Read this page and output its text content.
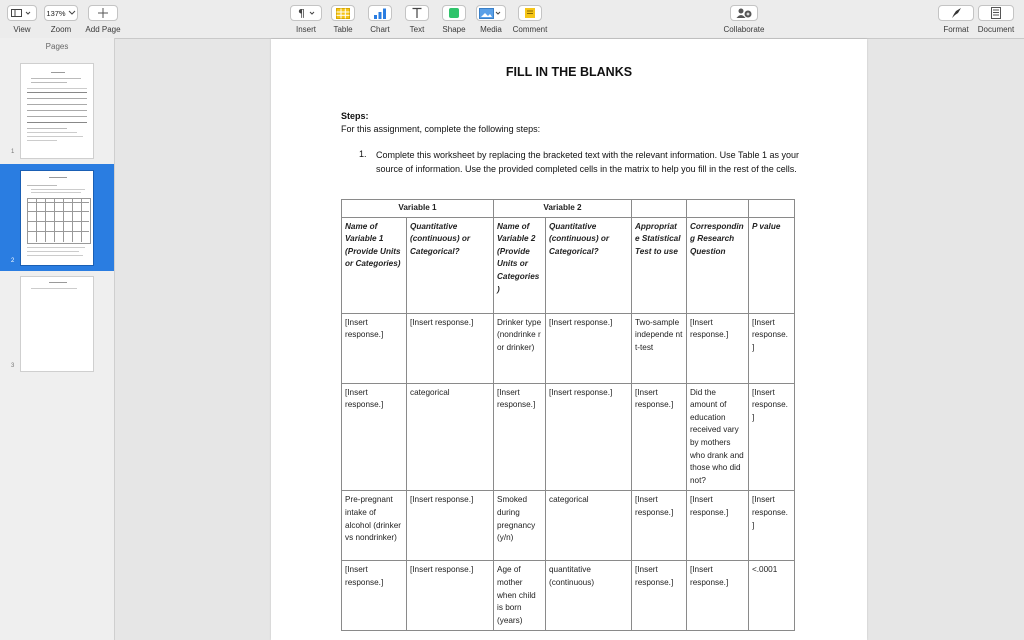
View
137%
Zoom Add Page
¶
Insert Table Chart Text Shape Media Comment	Collaborate	Format Document
Pages
1
2
3
FILL IN THE BLANKS
Steps:
For this assignment, complete the following steps:
1. Complete this worksheet by replacing the bracketed text with the relevant information. Use Table 1 as your source of information. Use the provided completed cells in the matrix to help you fill in the rest of the cells.
Variable 1		Variable 2				
Name of Variable 1 (Provide Units or Categories)	Quantitative (continuous) or Categorical?	Name of Variable 2 (Provide Units or Categories )	Quantitative (continuous) or Categorical?	Appropriat e Statistical Test to use	Correspondin g Research Question	P value
[Insert response.]	[Insert response.]	Drinker type (nondrinke r or drinker)	[Insert response.]	Two-sample independe nt t-test	[Insert response.]	[Insert response. ]
[Insert response.]	categorical	[Insert response.]	[Insert response.]	[Insert response.]	Did the amount of education received vary by mothers who drank and those who did not?	[Insert response. ]
Pre-pregnant intake of alcohol (drinker vs nondrinker)	[Insert response.]	Smoked during pregnancy (y/n)	categorical	[Insert response.]	[Insert response.]	[Insert response. ]
[Insert response.]	[Insert response.]	Age of mother when child is born (years)	quantitative (continuous)	[Insert response.]	[Insert response.]	<.0001
